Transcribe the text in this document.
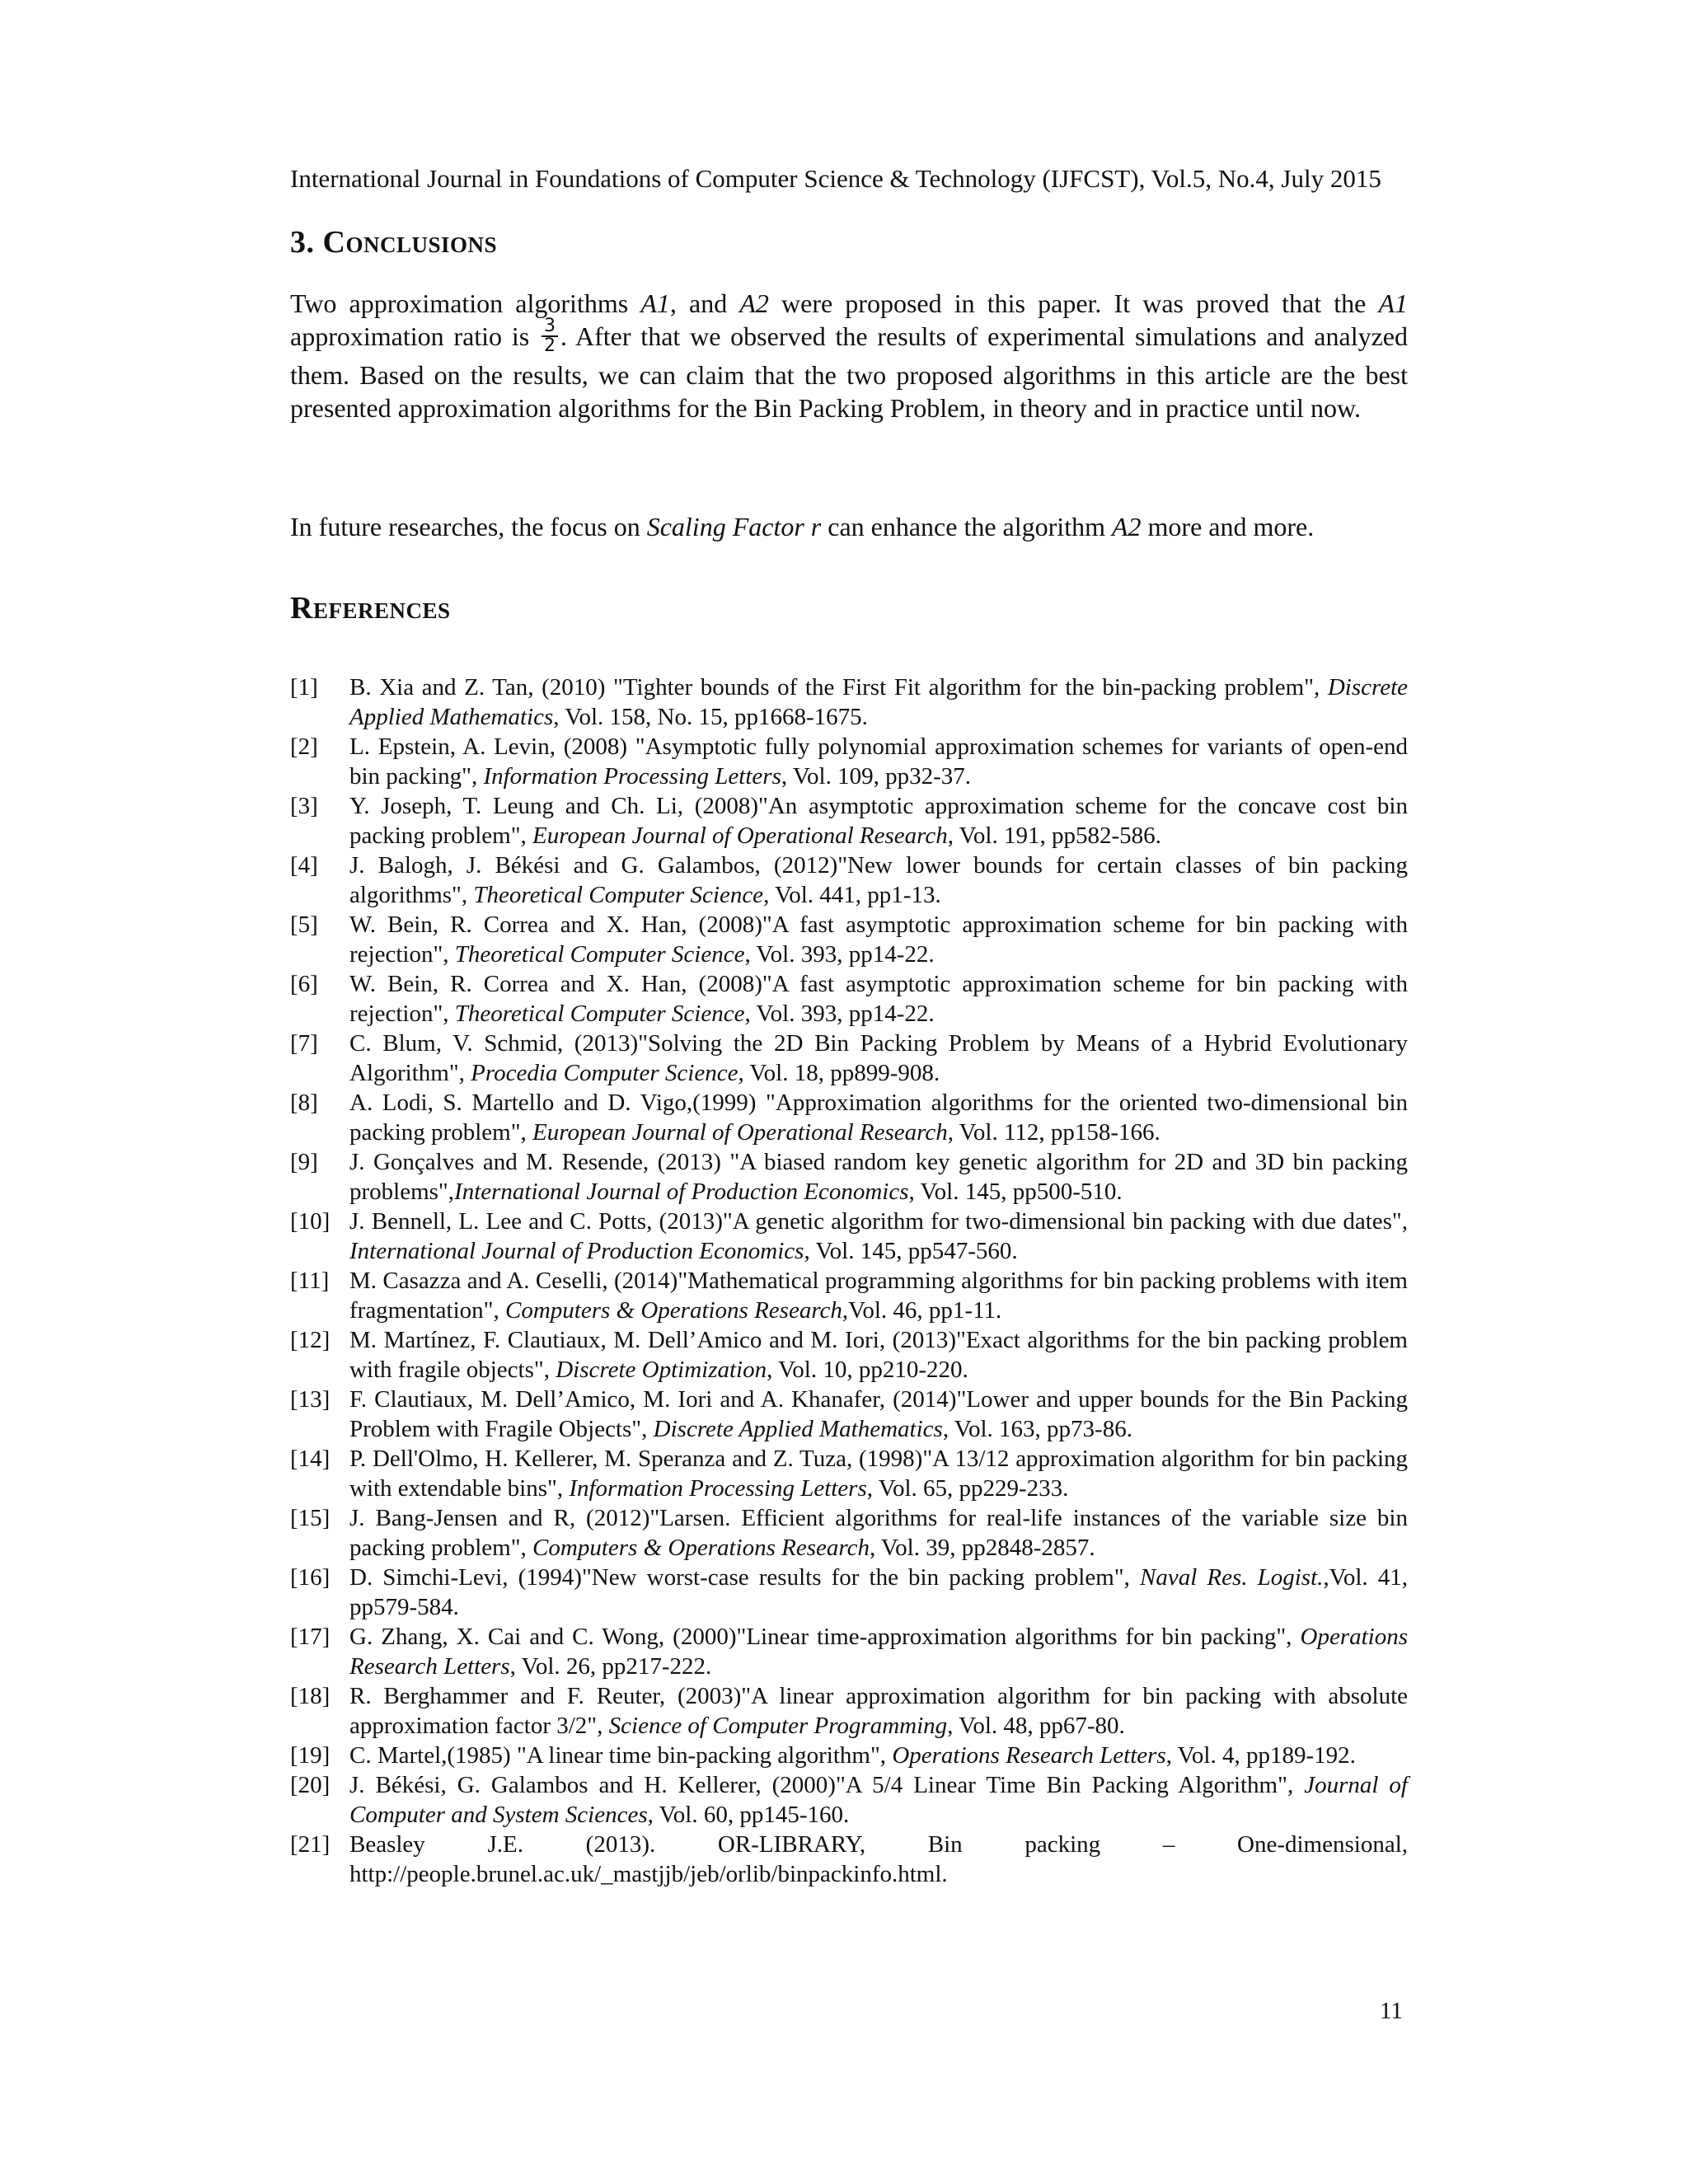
International Journal in Foundations of Computer Science & Technology (IJFCST), Vol.5, No.4, July 2015
3. Conclusions

Two approximation algorithms A1, and A2 were proposed in this paper. It was proved that the A1 approximation ratio is $\frac{3}{2}$ . After that we observed the results of experimental simulations and analyzed them. Based on the results, we can claim that the two proposed algorithms in this article are the best presented approximation algorithms for the Bin Packing Problem, in theory and in practice until now.

In future researches, the focus on Scaling Factor r can enhance the algorithm A2 more and more.

References
[1] B. Xia and Z. Tan, (2010) "Tighter bounds of the First Fit algorithm for the bin-packing problem", Discrete Applied Mathematics, Vol. 158, No. 15, pp1668-1675.
[2] L. Epstein, A. Levin, (2008) "Asymptotic fully polynomial approximation schemes for variants of open-end bin packing", Information Processing Letters, Vol. 109, pp32-37.
[3] Y. Joseph, T. Leung and Ch. Li, (2008)"An asymptotic approximation scheme for the concave cost bin packing problem", European Journal of Operational Research, Vol. 191, pp582-586.
[4] J. Balogh, J. Békési and G. Galambos, (2012)"New lower bounds for certain classes of bin packing algorithms", Theoretical Computer Science, Vol. 441, pp1-13.
[5] W. Bein, R. Correa and X. Han, (2008)"A fast asymptotic approximation scheme for bin packing with rejection", Theoretical Computer Science, Vol. 393, pp14-22.
[6] W. Bein, R. Correa and X. Han, (2008)"A fast asymptotic approximation scheme for bin packing with rejection", Theoretical Computer Science, Vol. 393, pp14-22.
[7] C. Blum, V. Schmid, (2013)"Solving the 2D Bin Packing Problem by Means of a Hybrid Evolutionary Algorithm", Procedia Computer Science, Vol. 18, pp899-908.
[8] A. Lodi, S. Martello and D. Vigo,(1999) "Approximation algorithms for the oriented two-dimensional bin packing problem", European Journal of Operational Research, Vol. 112, pp158-166.
[9] J. Gonçalves and M. Resende, (2013) "A biased random key genetic algorithm for 2D and 3D bin packing problems",International Journal of Production Economics, Vol. 145, pp500-510.
[10] J. Bennell, L. Lee and C. Potts, (2013)"A genetic algorithm for two-dimensional bin packing with due dates", International Journal of Production Economics, Vol. 145, pp547-560.
[11] M. Casazza and A. Ceselli, (2014)"Mathematical programming algorithms for bin packing problems with item fragmentation", Computers & Operations Research,Vol. 46, pp1-11.
[12] M. Martínez, F. Clautiaux, M. Dell’Amico and M. Iori, (2013)"Exact algorithms for the bin packing problem with fragile objects", Discrete Optimization, Vol. 10, pp210-220.
[13] F. Clautiaux, M. Dell’Amico, M. Iori and A. Khanafer, (2014)"Lower and upper bounds for the Bin Packing Problem with Fragile Objects", Discrete Applied Mathematics, Vol. 163, pp73-86.
[14] P. Dell'Olmo, H. Kellerer, M. Speranza and Z. Tuza, (1998)"A 13/12 approximation algorithm for bin packing with extendable bins", Information Processing Letters, Vol. 65, pp229-233.
[15] J. Bang-Jensen and R, (2012)"Larsen. Efficient algorithms for real-life instances of the variable size bin packing problem", Computers & Operations Research, Vol. 39, pp2848-2857.
[16] D. Simchi-Levi, (1994)"New worst-case results for the bin packing problem", Naval Res. Logist.,Vol. 41, pp579-584.
[17] G. Zhang, X. Cai and C. Wong, (2000)"Linear time-approximation algorithms for bin packing", Operations Research Letters, Vol. 26, pp217-222.
[18] R. Berghammer and F. Reuter, (2003)"A linear approximation algorithm for bin packing with absolute approximation factor 3/2", Science of Computer Programming, Vol. 48, pp67-80.
[19] C. Martel,(1985) "A linear time bin-packing algorithm", Operations Research Letters, Vol. 4, pp189-192.
[20] J. Békési, G. Galambos and H. Kellerer, (2000)"A 5/4 Linear Time Bin Packing Algorithm", Journal of Computer and System Sciences, Vol. 60, pp145-160.
[21] Beasley J.E. (2013). OR-LIBRARY, Bin packing – One-dimensional, http://people.brunel.ac.uk/_mastjjb/jeb/orlib/binpackinfo.html.
11
